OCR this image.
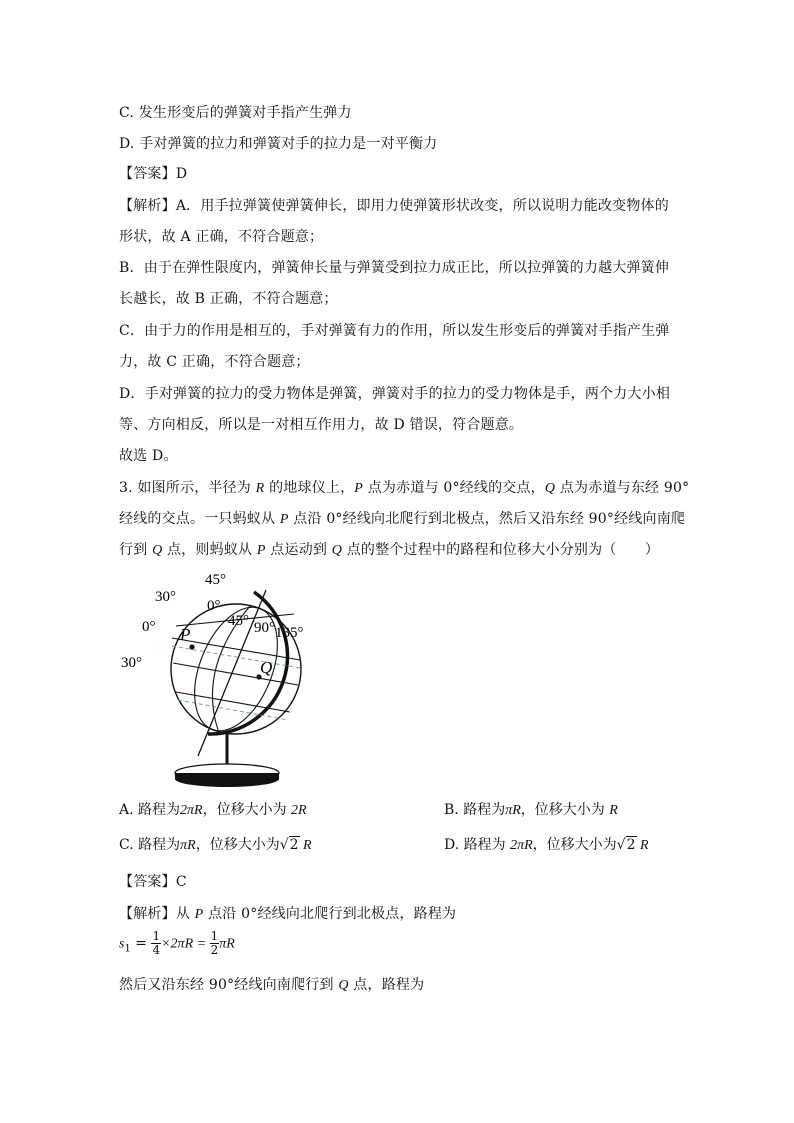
C. 发生形变后的弹簧对手指产生弹力
D. 手对弹簧的拉力和弹簧对手的拉力是一对平衡力
【答案】D
【解析】A．用手拉弹簧使弹簧伸长，即用力使弹簧形状改变，所以说明力能改变物体的
形状，故 A 正确，不符合题意；
B．由于在弹性限度内，弹簧伸长量与弹簧受到拉力成正比，所以拉弹簧的力越大弹簧伸
长越长，故 B 正确，不符合题意；
C．由于力的作用是相互的，手对弹簧有力的作用，所以发生形变后的弹簧对手指产生弹
力，故 C 正确，不符合题意；
D．手对弹簧的拉力的受力物体是弹簧，弹簧对手的拉力的受力物体是手，两个力大小相
等、方向相反，所以是一对相互作用力，故 D 错误，符合题意。
故选 D。
3. 如图所示，半径为 R 的地球仪上，P 点为赤道与 0°经线的交点，Q 点为赤道与东经 90°
经线的交点。一只蚂蚁从 P 点沿 0°经线向北爬行到北极点，然后又沿东经 90°经线向南爬
行到 Q 点，则蚂蚁从 P 点运动到 Q 点的整个过程中的路程和位移大小分别为（　　）
45°
30°
0°
45° 90° 135°
0°
30°
P
Q
A. 路程为2πR，位移大小为 2R	B. 路程为πR，位移大小为 R
C. 路程为πR，位移大小为√2 R	D. 路程为 2πR，位移大小为√2 R
【答案】C
【解析】从 P 点沿 0°经线向北爬行到北极点，路程为
$s_1 = \frac{1}{4} \times 2\pi R = \frac{1}{2}$ πR
然后又沿东经 90°经线向南爬行到 Q 点，路程为
